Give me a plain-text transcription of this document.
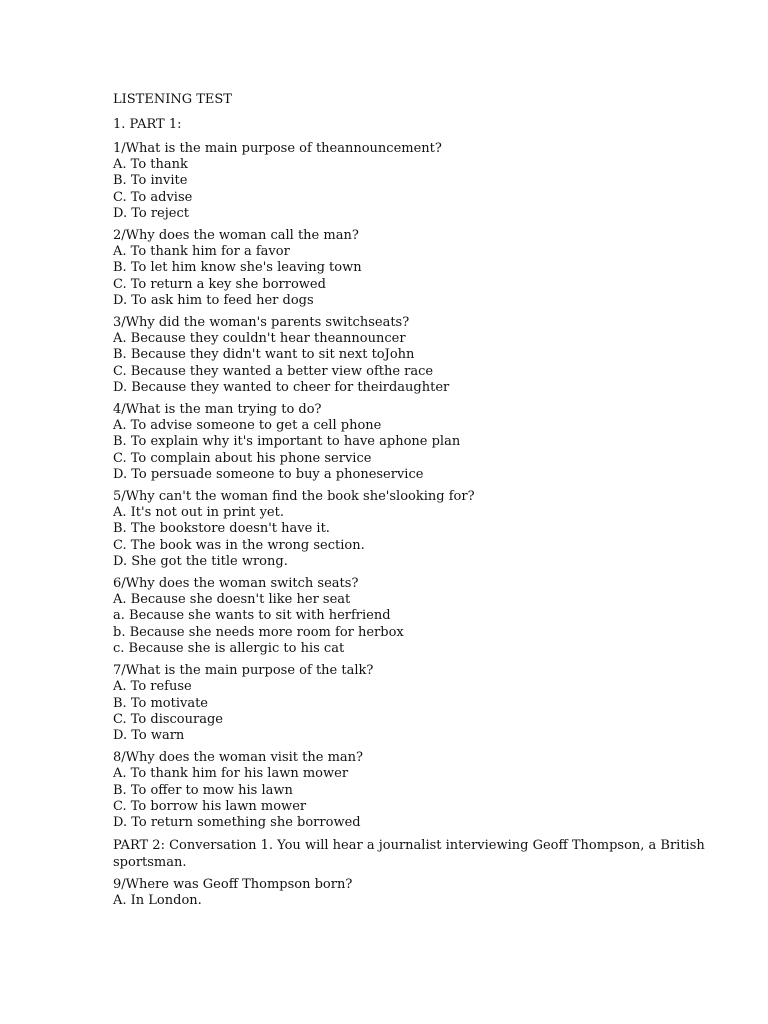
LISTENING TEST
1. PART 1:
1/What is the main purpose of theannouncement?
A. To thank
B. To invite
C. To advise
D. To reject
2/Why does the woman call the man?
A. To thank him for a favor
B. To let him know she's leaving town
C. To return a key she borrowed
D. To ask him to feed her dogs
3/Why did the woman's parents switchseats?
A. Because they couldn't hear theannouncer
B. Because they didn't want to sit next toJohn
C. Because they wanted a better view ofthe race
D. Because they wanted to cheer for theirdaughter
4/What is the man trying to do?
A. To advise someone to get a cell phone
B. To explain why it's important to have aphone plan
C. To complain about his phone service
D. To persuade someone to buy a phoneservice
5/Why can't the woman find the book she'slooking for?
A. It's not out in print yet.
B. The bookstore doesn't have it.
C. The book was in the wrong section.
D. She got the title wrong.
6/Why does the woman switch seats?
A. Because she doesn't like her seat
a. Because she wants to sit with herfriend
b. Because she needs more room for herbox
c. Because she is allergic to his cat
7/What is the main purpose of the talk?
A. To refuse
B. To motivate
C. To discourage
D. To warn
8/Why does the woman visit the man?
A. To thank him for his lawn mower
B. To offer to mow his lawn
C. To borrow his lawn mower
D. To return something she borrowed
PART 2: Conversation 1. You will hear a journalist interviewing Geoff Thompson, a British sportsman.
9/Where was Geoff Thompson born?
A. In London.
